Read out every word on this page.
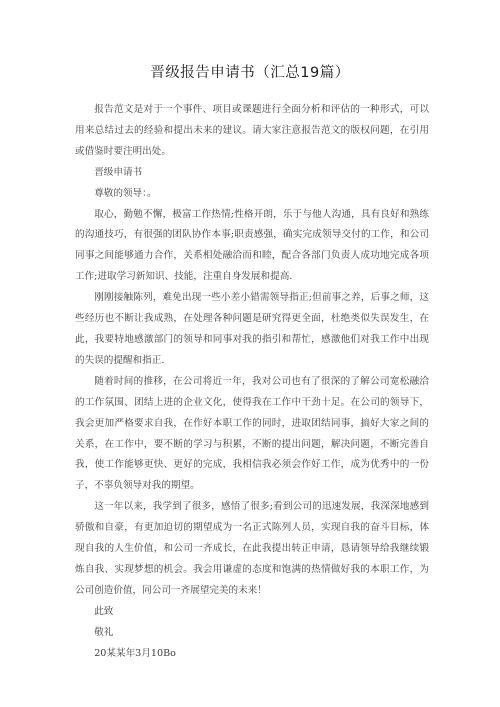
晋级报告申请书（汇总19篇）

报告范文是对于一个事件、项目或课题进行全面分析和评估的一种形式，可以用来总结过去的经验和提出未来的建议。请大家注意报告范文的版权问题，在引用或借鉴时要注明出处。

晋级申请书

尊敬的领导：。

取心，勤勉不懈，极富工作热情;性格开朗，乐于与他人沟通，具有良好和熟练的沟通技巧，有很强的团队协作本事;职责感强，确实完成领导交付的工作，和公司同事之间能够通力合作，关系相处融洽而和睦，配合各部门负责人成功地完成各项工作;进取学习新知识、技能，注重自身发展和提高.

刚刚接触陈列，难免出现一些小差小错需领导指正;但前事之养，后事之师，这些经历也不断让我成熟，在处理各种问题是研究得更全面，杜绝类似失误发生，在此，我要特地感激部门的领导和同事对我的指引和帮忙，感激他们对我工作中出现的失误的提醒和指正.

随着时间的推移，在公司将近一年，我对公司也有了很深的了解公司宽松融洽的工作氛围、团结上进的企业文化，使得我在工作中干劲十足。在公司的领导下，我会更加严格要求自我，在作好本职工作的同时，进取团结同事，搞好大家之间的关系，在工作中，要不断的学习与积累，不断的提出问题，解决问题，不断完善自我，使工作能够更快、更好的完成，我相信我必须会作好工作，成为优秀中的一份子，不辜负领导对我的期望。

这一年以来，我学到了很多，感悟了很多;看到公司的迅速发展，我深深地感到骄傲和自豪，有更加迫切的期望成为一名正式陈列人员，实现自我的奋斗目标，体现自我的人生价值，和公司一齐成长，在此我提出转正申请，恳请领导给我继续锻炼自我、实现梦想的机会。我会用谦虚的态度和饱满的热情做好我的本职工作，为公司创造价值，同公司一齐展望完美的未来！

此致

敬礼

20某某年3月10Bo
